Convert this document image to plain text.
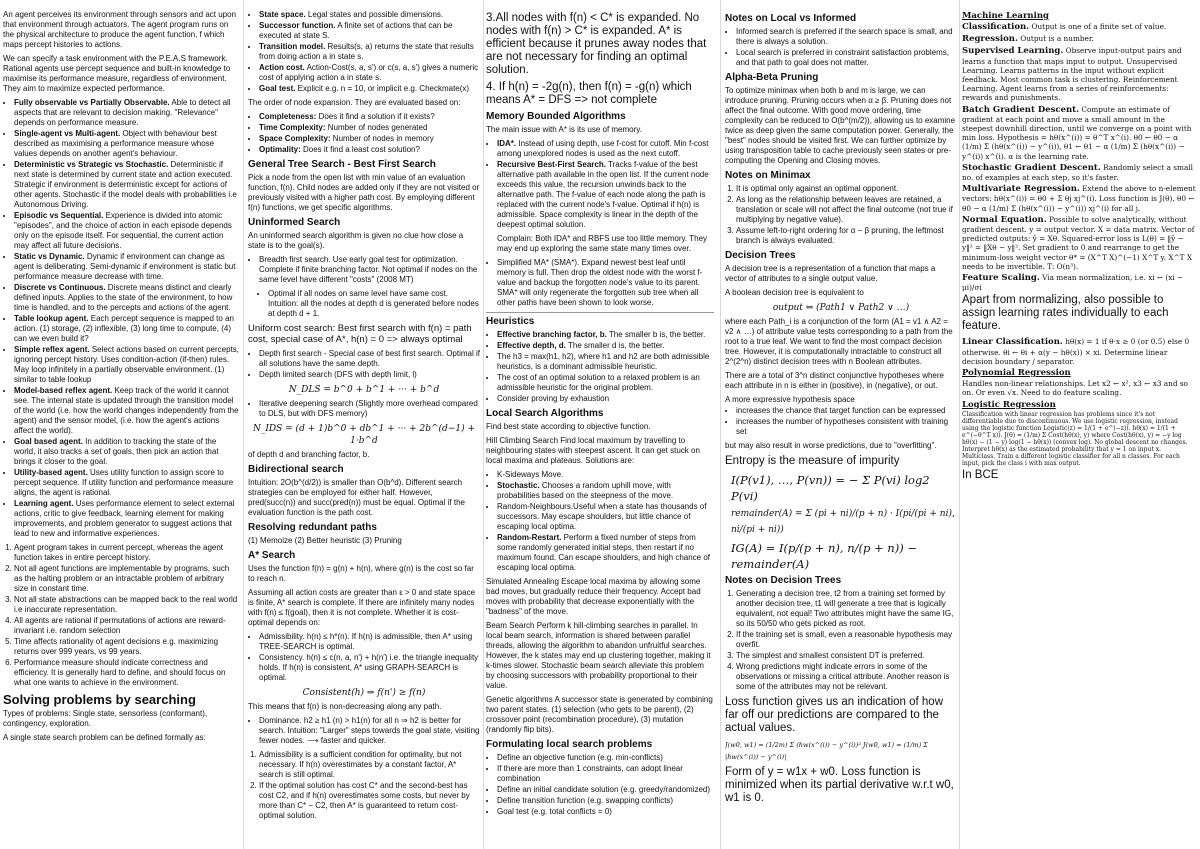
An agent perceives its environment through sensors and act upon that environment through actuators. The agent program runs on the physical architecture to produce the agent function, f which maps percept histories to actions.

We can specify a task environment with the P.E.A.S framework. Rational agents use percept sequence and built-in knowledge to maximise its performance measure, regardless of environment. They aim to maximize expected performance.

• Fully observable vs Partially Observable. Able to detect all aspects that are relevant to decision making. "Relevance" depends on performance measure.
• Single-agent vs Multi-agent. Object with behaviour best described as maximising a performance measure whose values depends on another agent's behaviour.
• Deterministic vs Strategic vs Stochastic. Deterministic if next state is determined by current state and action executed. Strategic if environment is deterministic except for actions of other agents. Stochastic if the model deals with probabilities i.e Autonomous Driving.
• Episodic vs Sequential. Experience is divided into atomic "episodes", and the choice of action in each episode depends only on the episode itself. For sequential, the current action may affect all future decisions.
• Static vs Dynamic. Dynamic if environment can change as agent is deliberating. Semi-dynamic if environment is static but performance measure decrease with time.
• Discrete vs Continuous. Discrete means distinct and clearly defined inputs. Applies to the state of the environment, to how time is handled, and to the percepts and actions of the agent.
• Table lookup agent. Each percept sequence is mapped to an action. (1) storage, (2) inflexible, (3) long time to compute, (4) can we even build it?
• Simple reflex agent. Select actions based on current percepts, ignoring percept history. Uses condition-action (if-then) rules. May loop infinitely in a partially observable environment. (1) similar to table lookup
• Model-based reflex agent. Keep track of the world it cannot see. The internal state is updated through the transition model of the world (i.e. how the world changes independently from the agent) and the sensor model, (i.e. how the agent's actions affect the world).
• Goal based agent. In addition to tracking the state of the world, it also tracks a set of goals, then pick an action that brings it closer to the goal.
• Utility-based agent. Uses utility function to assign score to percept sequence. If utility function and performance measure aligns, the agent is rational.
• Learning agent. Uses performance element to select external actions, critic to give feedback, learning element for making improvements, and problem generator to suggest actions that lead to new and informative experiences.
1. Agent program takes in current percept, whereas the agent function takes in entire percept history.
2. Not all agent functions are implementable by programs, such as the halting problem or an intractable problem of arbitrary size in constant time.
3. Not all state abstractions can be mapped back to the real world i.e inaccurate representation.
4. All agents are rational if permutations of actions are reward-invariant i.e. random selection
5. Time affects rationality of agent decisions e.g. maximizing returns over 999 years, vs 99 years.
6. Performance measure should indicate correctness and efficiency. It is generally hard to define, and should focus on what one wants to achieve in the environment.
Solving problems by searching

Types of problems: Single state, sensorless (conformant), contingency, exploration.

A single state search problem can be defined formally as:

• State space. Legal states and possible dimensions.
• Successor function. A finite set of actions that can be executed at state S.
• Transition model. Results(s, a) returns the state that results from doing action a in state s.
• Action cost. Action-Cost(s, a, s') or c(s, a, s') gives a numeric cost of applying action a in state s.
• Goal test. Explicit e.g. n = 10, or implicit e.g. Checkmate(x)

The order of node expansion. They are evaluated based on:

• Completeness: Does it find a solution if it exists?
• Time Complexity: Number of nodes generated
• Space Complexity: Number of nodes in memory
• Optimality: Does it find a least cost solution?
General Tree Search - Best First Search

Pick a node from the open list with min value of an evaluation function, f(n). Child nodes are added only if they are not visited or previously visited with a higher path cost. By employing different f(n) functions, we get specific algorithms.

Uninformed Search

An uninformed search algorithm is given no clue how close a state is to the goal(s).

• Breadth first search. Use early goal test for optimization. Complete if finite branching factor. Not optimal if nodes on the same level have different "costs" (2008 MT)
• Optimal if all nodes on same level have same cost. Intuition: all the nodes at depth d is generated before nodes at depth d + 1.

Uniform cost search: Best first search with f(n) = path cost, special case of A*, h(n) = 0 => always optimal

• Depth first search - Special case of best first search. Optimal if all solutions have the same depth.
• Depth limited search (DFS with depth limit, l)
N_DLS = b^0 + b^1 + ··· + b^d
• Iterative deepening search (Slightly more overhead compared to DLS, but with DFS memory)
N_IDS = (d + 1)b^0 + db^1 + ··· + 2b^(d−1) + 1·b^d

of depth d and branching factor, b.

Bidirectional search

Intuition: 2O(b^(d/2)) is smaller than O(b^d). Different search strategies can be employed for either half. However, pred(succ(n)) and succ(pred(n)) must be equal. Optimal if the evaluation function is the path cost.

Resolving redundant paths

(1) Memoize (2) Better heuristic (3) Pruning

A* Search

Uses the function f(n) = g(n) + h(n), where g(n) is the cost so far to reach n.

Assuming all action costs are greater than ε > 0 and state space is finite, A* search is complete. If there are infinitely many nodes with f(n) ≤ f(goal), then it is not complete. Whether it is cost-optimal depends on:

• Admissibility. h(n) ≤ h*(n). If h(n) is admissible, then A* using TREE-SEARCH is optimal.
• Consistency. h(n) ≤ c(n, a, n') + h(n') i.e. the triangle inequality holds. If h(n) is consistent, A* using GRAPH-SEARCH is optimal.
Consistent(h) ⇒ f(n') ≥ f(n)

This means that f(n) is non-decreasing along any path.

• Dominance. h2 ≥ h1 (n) > h1(n) for all n ⇒ h2 is better for search. Intuition: "Larger" steps towards the goal state, visiting fewer nodes. ⟶ faster and quicker.
1. Admissibility is a sufficient condition for optimality, but not necessary. If h(n) overestimates by a constant factor, A* search is still optimal.
2. If the optimal solution has cost C* and the second-best has cost C2, and if h(n) overestimates some costs, but never by more than C* − C2, then A* is guaranteed to return cost-optimal solution.

3.All nodes with f(n) < C* is expanded. No nodes with f(n) > C* is expanded. A* is efficient because it prunes away nodes that are not necessary for finding an optimal solution.

4. If h(n) = -2g(n), then f(n) = -g(n) which means A* = DFS => not complete

Memory Bounded Algorithms

The main issue with A* is its use of memory.

• IDA*. Instead of using depth, use f-cost for cutoff. Min f-cost among unexplored nodes is used as the next cutoff.
• Recursive Best-First Search. Tracks f-value of the best alternative path available in the open list. If the current node exceeds this value, the recursion unwinds back to the alternative path. The f-value of each node along the path is replaced with the current node's f-value. Optimal if h(n) is admissible. Space complexity is linear in the depth of the deepest optimal solution.

Complain: Both IDA* and RBFS use too little memory. They may end up exploring the same state many times over.

• Simplified MA* (SMA*). Expand newest best leaf until memory is full. Then drop the oldest node with the worst f-value and backup the forgotten node's value to its parent. SMA* will only regenerate the forgotten sub tree when all other paths have been shown to look worse.
Heuristics
• Effective branching factor, b. The smaller b is, the better.
• Effective depth, d. The smaller d is, the better.
• The h3 = max(h1, h2), where h1 and h2 are both admissible heuristics, is a dominant admissible heuristic.
• The cost of an optimal solution to a relaxed problem is an admissible heuristic for the original problem.
• Consider proving by exhaustion
Local Search Algorithms

Find best state according to objective function.

Hill Climbing Search Find local maximum by travelling to neighbouring states with steepest ascent. It can get stuck on local maxima and plateaus. Solutions are:

• K-Sideways Move.
• Stochastic. Chooses a random uphill move, with probabilities based on the steepness of the move.
• Random-Neighbours.Useful when a state has thousands of successors. May escape shoulders, but little chance of escaping local optima.
• Random-Restart. Perform a fixed number of steps from some randomly generated initial steps, then restart if no maximum found. Can escape shoulders, and high chance of escaping local optima.

Simulated Annealing Escape local maxima by allowing some bad moves, but gradually reduce their frequency. Accept bad moves with probability that decrease exponentially with the "badness" of the move.

Beam Search Perform k hill-climbing searches in parallel. In local beam search, information is shared between parallel threads, allowing the algorithm to abandon unfruitful searches. However, the k states may end up clustering together, making it k-times slower. Stochastic beam search alleviate this problem by choosing successors with probability proportional to their value.

Genetic algorithms A successor state is generated by combining two parent states. (1) selection (who gets to be parent), (2) crossover point (recombination procedure), (3) mutation (randomly flip bits).

Formulating local search problems
• Define an objective function (e.g. min-conflicts)
• If there are more than 1 constraints, can adopt linear combination
• Define an initial candidate solution (e.g. greedy/randomized)
• Define transition function (e.g. swapping conflicts)
• Goal test (e.g. total conflicts = 0)
Notes on Local vs Informed
• Informed search is preferred if the search space is small, and there is always a solution.
• Local search is preferred in constraint satisfaction problems, and that path to goal does not matter.
Alpha-Beta Pruning

To optimize minimax when both b and m is large, we can introduce pruning. Pruning occurs when α ≥ β. Pruning does not affect the final outcome. With good move ordering, time complexity can be reduced to O(b^(m/2)), allowing us to examine twice as deep given the same computation power. Generally, the "best" nodes should be visited first. We can further optimize by using transposition table to cache previously seen states or pre-computing the Opening and Closing moves.

Notes on Minimax
1. It is optimal only against an optimal opponent.
2. As long as the relationship between leaves are retained, a translation or scale will not affect the final outcome (not true if multiplying by negative value).
3. Assume left-to-right ordering for α − β pruning, the leftmost branch is always evaluated.
Decision Trees

A decision tree is a representation of a function that maps a vector of attributes to a single output value.

A boolean decision tree is equivalent to

output ⇔ (Path1 ∨ Path2 ∨ …)

where each Path_i is a conjunction of the form (A1 = v1 ∧ A2 = v2 ∧ …) of attribute value tests corresponding to a path from the root to a true leaf. We want to find the most compact decision tree. However, it is computationally intractable to construct all 2^(2^n) distinct decision trees with n Boolean attributes.

There are a total of 3^n distinct conjunctive hypotheses where each attribute in n is either in (positive), in (negative), or out.

A more expressive hypothesis space

• increases the chance that target function can be expressed
• increases the number of hypotheses consistent with training set

but may also result in worse predictions, due to "overfitting".

Entropy is the measure of impurity

I(P(v1), …, P(vn)) = − Σ P(vi) log2 P(vi)
remainder(A) = Σ (pi + ni)/(p + n) · I(pi/(pi + ni), ni/(pi + ni))
IG(A) = I(p/(p + n), n/(p + n)) − remainder(A)
Notes on Decision Trees
1. Generating a decision tree, t2 from a training set formed by another decision tree, t1 will generate a tree that is logically equivalent, not equal! Two attributes might have the same IG, so its 50/50 who gets picked as root.
2. If the training set is small, even a reasonable hypothesis may overfit.
3. The simplest and smallest consistent DT is preferred.
4. Wrong predictions might indicate errors in some of the observations or missing a critical attribute. Another reason is some of the attributes may not be relevant.

Loss function gives us an indication of how far off our predictions are compared to the actual values.

J(w0, w1) = (1/2m) Σ (hw(x^(i)) − y^(i))² J(w0, w1) = (1/m) Σ |hw(x^(i)) − y^(i)|

Form of y = w1x + w0. Loss function is minimized when its partial derivative w.r.t w0, w1 is 0.

Machine Learning

Classification. Output is one of a finite set of value.

Regression. Output is a number.

Supervised Learning. Observe input-output pairs and learns a function that maps input to output. Unsupervised Learning. Learns patterns in the input without explicit feedback. Most common task is clustering. Reinforcement Learning. Agent learns from a series of reinforcements: rewards and punishments.

Batch Gradient Descent. Compute an estimate of gradient at each point and move a small amount in the steepest downhill direction, until we converge on a point with min loss. Hypothesis = hθ(x^(i)) = θ^T x^(i). θ0 ← θ0 − α (1/m) Σ (hθ(x^(i)) − y^(i)), θ1 ← θ1 − α (1/m) Σ (hθ(x^(i)) − y^(i)) x^(i). α is the learning rate.

Stochastic Gradient Descent. Randomly select a small no. of examples at each step, so it's faster.

Multivariate Regression. Extend the above to n-element vectors: hθ(x^(i)) = θ0 + Σ θj xj^(i). Loss function is J(θ), θ0 ← θ0 − α (1/m) Σ (hθ(x^(i)) − y^(i)) xj^(i) for all j.

Normal Equation. Possible to solve analytically, without gradient descent. y = output vector. X = data matrix. Vector of predicted outputs: ŷ = Xθ. Squared-error loss is L(θ) = ‖ŷ − y‖² = ‖Xθ − y‖². Set gradient to 0 and rearrange to get the minimum-loss weight vector θ* = (X^T X)^(−1) X^T y. X^T X needs to be invertible. T: O(n³).

Feature Scaling. Via mean normalization, i.e. xi ← (xi − μi)/σi

Apart from normalizing, also possible to assign learning rates individually to each feature.

Linear Classification. hθ(x) = 1 if θ·x ≥ 0 (or 0.5) else 0 otherwise. θi ← θi + α(y − hθ(x)) × xi. Determine linear decision boundary / separator.

Polynomial Regression

Handles non-linear relationships. Let x2 ← x², x3 ← x3 and so on. Or even √x. Need to do feature scaling.

Logistic Regression

Classification with linear regression has problems since it's not differentiable due to discontinuous. We use logistic regression, instead using the logistic function Logistic(z) = 1/(1 + e^(−z)). hθ(x) = 1/(1 + e^(−θ^T x)). J(θ) = (1/m) Σ Cost(hθ(x), y) where Cost(hθ(x), y) = −y log hθ(x) − (1 − y) log(1 − hθ(x)) (convex log). No global descent no changes. Interpret hθ(x) as the estimated probability that y = 1 on input x. Multiclass. Train a different logistic classifier for all n classes. For each input, pick the class i with max output.

In BCE
